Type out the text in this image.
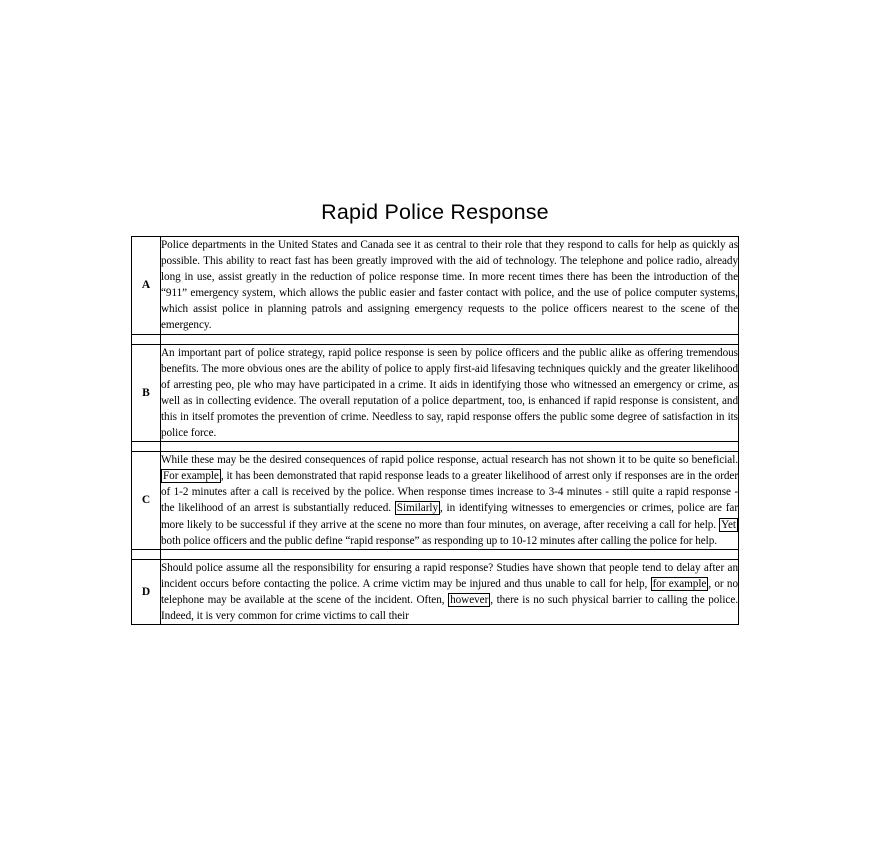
Rapid Police Response
A	Police departments in the United States and Canada see it as central to their role that they respond to calls for help as quickly as possible. This ability to react fast has been greatly improved with the aid of technology. The telephone and police radio, already long in use, assist greatly in the reduction of police response time. In more recent times there has been the introduction of the “911” emergency system, which allows the public easier and faster contact with police, and the use of police computer systems, which assist police in planning patrols and assigning emergency requests to the police officers nearest to the scene of the emergency.

B	An important part of police strategy, rapid police response is seen by police officers and the public alike as offering tremendous benefits. The more obvious ones are the ability of police to apply first-aid lifesaving techniques quickly and the greater likelihood of arresting peo, ple who may have participated in a crime. It aids in identifying those who witnessed an emergency or crime, as well as in collecting evidence. The overall reputation of a police department, too, is enhanced if rapid response is consistent, and this in itself promotes the prevention of crime. Needless to say, rapid response offers the public some degree of satisfaction in its police force.

C	While these may be the desired consequences of rapid police response, actual research has not shown it to be quite so beneficial. For example , it has been demonstrated that rapid response leads to a greater likelihood of arrest only if responses are in the order of 1-2 minutes after a call is received by the police. When response times increase to 3-4 minutes - still quite a rapid response - the likelihood of an arrest is substantially reduced. Similarly , in identifying witnesses to emergencies or crimes, police are far more likely to be successful if they arrive at the scene no more than four minutes, on average, after receiving a call for help. Yet both police officers and the public define “rapid response” as responding up to 10-12 minutes after calling the police for help.

D	Should police assume all the responsibility for ensuring a rapid response? Studies have shown that people tend to delay after an incident occurs before contacting the police. A crime victim may be injured and thus unable to call for help, for example , or no telephone may be available at the scene of the incident. Often, however , there is no such physical barrier to calling the police. Indeed, it is very common for crime victims to call their
